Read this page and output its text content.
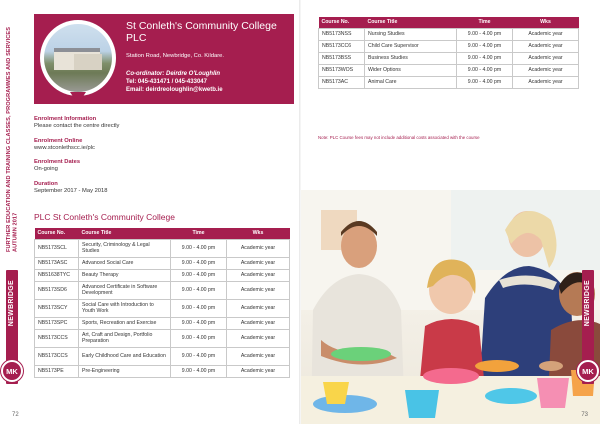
FURTHER EDUCATION AND TRAINING CLASSES, PROGRAMMES AND SERVICES AUTUMN 2017
NEWBRIDGE
MK
St Conleth's Community College PLC
Station Road, Newbridge, Co. Kildare.
Co-ordinator: Deirdre O'Loughlin
Tel: 045-431471 / 045-433047
Email: deirdreoloughlin@kwetb.ie
Enrolment Information
Please contact the centre directly
Enrolment Online
www.stconlethscc.ie/plc
Enrolment Dates
On-going
Duration
September 2017 - May 2018
PLC St Conleth's Community College
Course No.	Course Title	Time	Wks
NB5173SCL	Security, Criminology & Legal Studies	9.00 - 4.00 pm	Academic year
NB5173ASC	Advanced Social Care	9.00 - 4.00 pm	Academic year
NB51638TYC	Beauty Therapy	9.00 - 4.00 pm	Academic year
NB5173SD6	Advanced Certificate in Software Development	9.00 - 4.00 pm	Academic year
NB5173SCY	Social Care with Introduction to Youth Work	9.00 - 4.00 pm	Academic year
NB5173SPC	Sports, Recreation and Exercise	9.00 - 4.00 pm	Academic year
NB5173CCS	Art, Craft and Design, Portfolio Preparation	9.00 - 4.00 pm	Academic year
NB5173CCS	Early Childhood Care and Education	9.00 - 4.00 pm	Academic year
NB5173PE	Pre-Engineering	9.00 - 4.00 pm	Academic year
72
Course No.	Course Title	Time	Wks
NB5173NSS	Nursing Studies	9.00 - 4.00 pm	Academic year
NB5173CC6	Child Care Supervisor	9.00 - 4.00 pm	Academic year
NB5173BSS	Business Studies	9.00 - 4.00 pm	Academic year
NB5173WOS	Wider Options	9.00 - 4.00 pm	Academic year
NB5173AC	Animal Care	9.00 - 4.00 pm	Academic year
Note: PLC Course fees may not include additional costs associated with the course
NEWBRIDGE
MK
73
